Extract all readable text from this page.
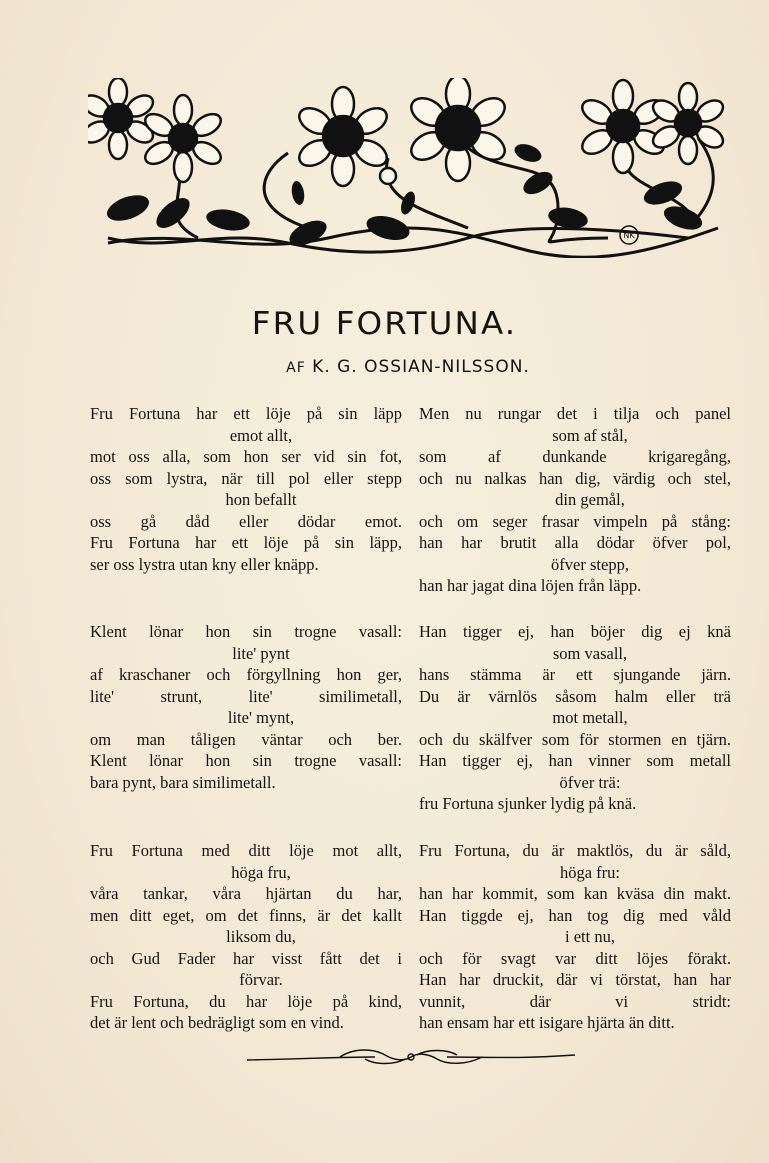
NK
FRU FORTUNA.
AF K. G. OSSIAN-NILSSON.
Fru Fortuna har ett löje på sin läpp
emot allt,
mot oss alla, som hon ser vid sin fot,
oss som lystra, när till pol eller stepp
hon befallt
oss gå dåd eller dödar emot.
Fru Fortuna har ett löje på sin läpp,
ser oss lystra utan kny eller knäpp.
Klent lönar hon sin trogne vasall:
lite' pynt
af kraschaner och förgyllning hon ger,
lite' strunt, lite' similimetall,
lite' mynt,
om man tåligen väntar och ber.
Klent lönar hon sin trogne vasall:
bara pynt, bara similimetall.
Fru Fortuna med ditt löje mot allt,
höga fru,
våra tankar, våra hjärtan du har,
men ditt eget, om det finns, är det kallt
liksom du,
och Gud Fader har visst fått det i
förvar.
Fru Fortuna, du har löje på kind,
det är lent och bedrägligt som en vind.
Men nu rungar det i tilja och panel
som af stål,
som af dunkande krigaregång,
och nu nalkas han dig, värdig och stel,
din gemål,
och om seger frasar vimpeln på stång:
han har brutit alla dödar öfver pol,
öfver stepp,
han har jagat dina löjen från läpp.
Han tigger ej, han böjer dig ej knä
som vasall,
hans stämma är ett sjungande järn.
Du är värnlös såsom halm eller trä
mot metall,
och du skälfver som för stormen en tjärn.
Han tigger ej, han vinner som metall
öfver trä:
fru Fortuna sjunker lydig på knä.
Fru Fortuna, du är maktlös, du är såld,
höga fru:
han har kommit, som kan kväsa din makt.
Han tiggde ej, han tog dig med våld
i ett nu,
och för svagt var ditt löjes förakt.
Han har druckit, där vi törstat, han har
vunnit, där vi stridt:
han ensam har ett isigare hjärta än ditt.
